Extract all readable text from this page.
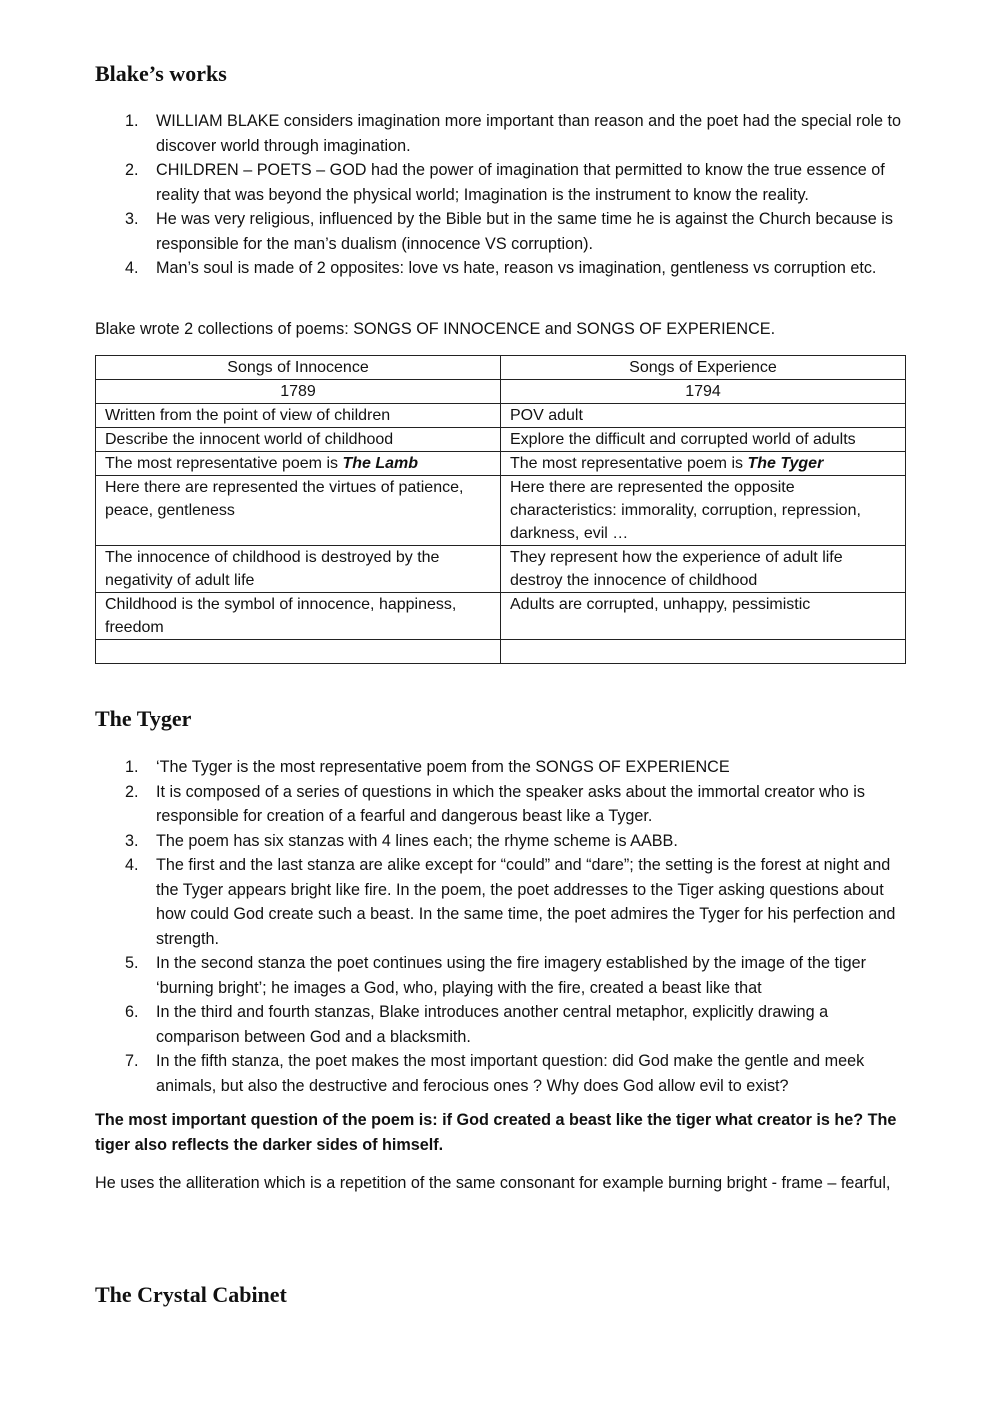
Blake’s works
1. WILLIAM BLAKE considers imagination more important than reason and the poet had the special role to discover world through imagination.
2. CHILDREN – POETS – GOD had the power of imagination that permitted to know the true essence of reality that was beyond the physical world; Imagination is the instrument to know the reality.
3. He was very religious, influenced by the Bible but in the same time he is against the Church because is responsible for the man’s dualism (innocence VS corruption).
4. Man’s soul is made of 2 opposites: love vs hate, reason vs imagination, gentleness vs corruption etc.

Blake wrote 2 collections of poems: SONGS OF INNOCENCE and SONGS OF EXPERIENCE.

Songs of Innocence	Songs of Experience
1789	1794
Written from the point of view of children	POV adult
Describe the innocent world of childhood	Explore the difficult and corrupted world of adults
The most representative poem is The Lamb	The most representative poem is The Tyger
Here there are represented the virtues of patience, peace, gentleness	Here there are represented the opposite characteristics: immorality, corruption, repression, darkness, evil …
The innocence of childhood is destroyed by the negativity of adult life	They represent how the experience of adult life destroy the innocence of childhood
Childhood is the symbol of innocence, happiness, freedom	Adults are corrupted, unhappy, pessimistic

The Tyger
1. ‘The Tyger is the most representative poem from the SONGS OF EXPERIENCE
2. It is composed of a series of questions in which the speaker asks about the immortal creator who is responsible for creation of a fearful and dangerous beast like a Tyger.
3. The poem has six stanzas with 4 lines each; the rhyme scheme is AABB.
4. The first and the last stanza are alike except for “could” and “dare”; the setting is the forest at night and the Tyger appears bright like fire. In the poem, the poet addresses to the Tiger asking questions about how could God create such a beast. In the same time, the poet admires the Tyger for his perfection and strength.
5. In the second stanza the poet continues using the fire imagery established by the image of the tiger ‘burning bright’; he images a God, who, playing with the fire, created a beast like that
6. In the third and fourth stanzas, Blake introduces another central metaphor, explicitly drawing a comparison between God and a blacksmith.
7. In the fifth stanza, the poet makes the most important question: did God make the gentle and meek animals, but also the destructive and ferocious ones ? Why does God allow evil to exist?

The most important question of the poem is: if God created a beast like the tiger what creator is he? The tiger also reflects the darker sides of himself.

He uses the alliteration which is a repetition of the same consonant for example burning bright - frame – fearful,

The Crystal Cabinet
